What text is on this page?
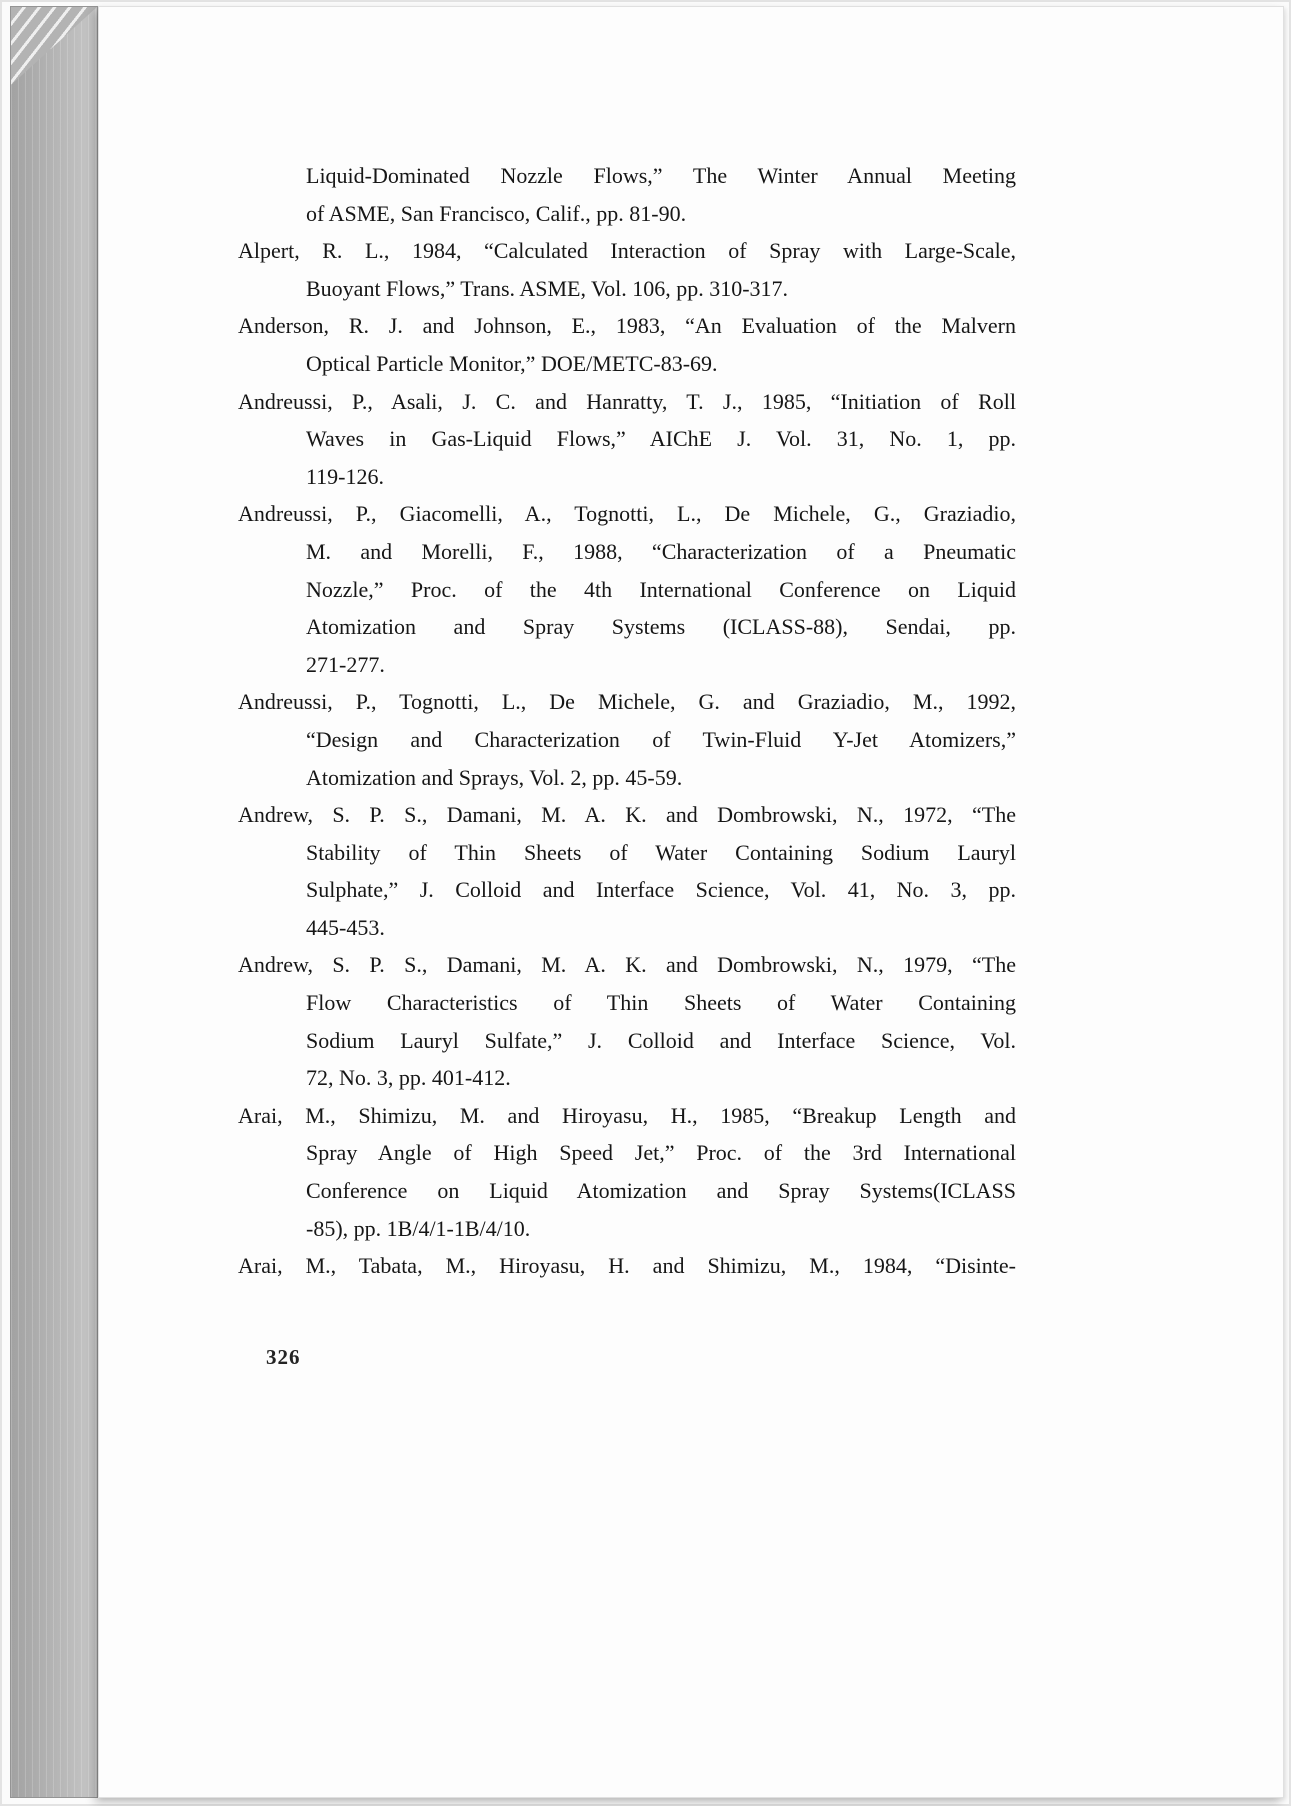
Liquid-Dominated Nozzle Flows,” The Winter Annual Meeting
of ASME, San Francisco, Calif., pp. 81-90.
Alpert, R. L., 1984, “Calculated Interaction of Spray with Large-Scale,
Buoyant Flows,” Trans. ASME, Vol. 106, pp. 310-317.
Anderson, R. J. and Johnson, E., 1983, “An Evaluation of the Malvern
Optical Particle Monitor,” DOE/METC-83-69.
Andreussi, P., Asali, J. C. and Hanratty, T. J., 1985, “Initiation of Roll
Waves in Gas-Liquid Flows,” AIChE J. Vol. 31, No. 1, pp.
119-126.
Andreussi, P., Giacomelli, A., Tognotti, L., De Michele, G., Graziadio,
M. and Morelli, F., 1988, “Characterization of a Pneumatic
Nozzle,” Proc. of the 4th International Conference on Liquid
Atomization and Spray Systems (ICLASS-88), Sendai, pp.
271-277.
Andreussi, P., Tognotti, L., De Michele, G. and Graziadio, M., 1992,
“Design and Characterization of Twin-Fluid Y-Jet Atomizers,”
Atomization and Sprays, Vol. 2, pp. 45-59.
Andrew, S. P. S., Damani, M. A. K. and Dombrowski, N., 1972, “The
Stability of Thin Sheets of Water Containing Sodium Lauryl
Sulphate,” J. Colloid and Interface Science, Vol. 41, No. 3, pp.
445-453.
Andrew, S. P. S., Damani, M. A. K. and Dombrowski, N., 1979, “The
Flow Characteristics of Thin Sheets of Water Containing
Sodium Lauryl Sulfate,” J. Colloid and Interface Science, Vol.
72, No. 3, pp. 401-412.
Arai, M., Shimizu, M. and Hiroyasu, H., 1985, “Breakup Length and
Spray Angle of High Speed Jet,” Proc. of the 3rd International
Conference on Liquid Atomization and Spray Systems(ICLASS
-85), pp. 1B/4/1-1B/4/10.
Arai, M., Tabata, M., Hiroyasu, H. and Shimizu, M., 1984, “Disinte-
326
